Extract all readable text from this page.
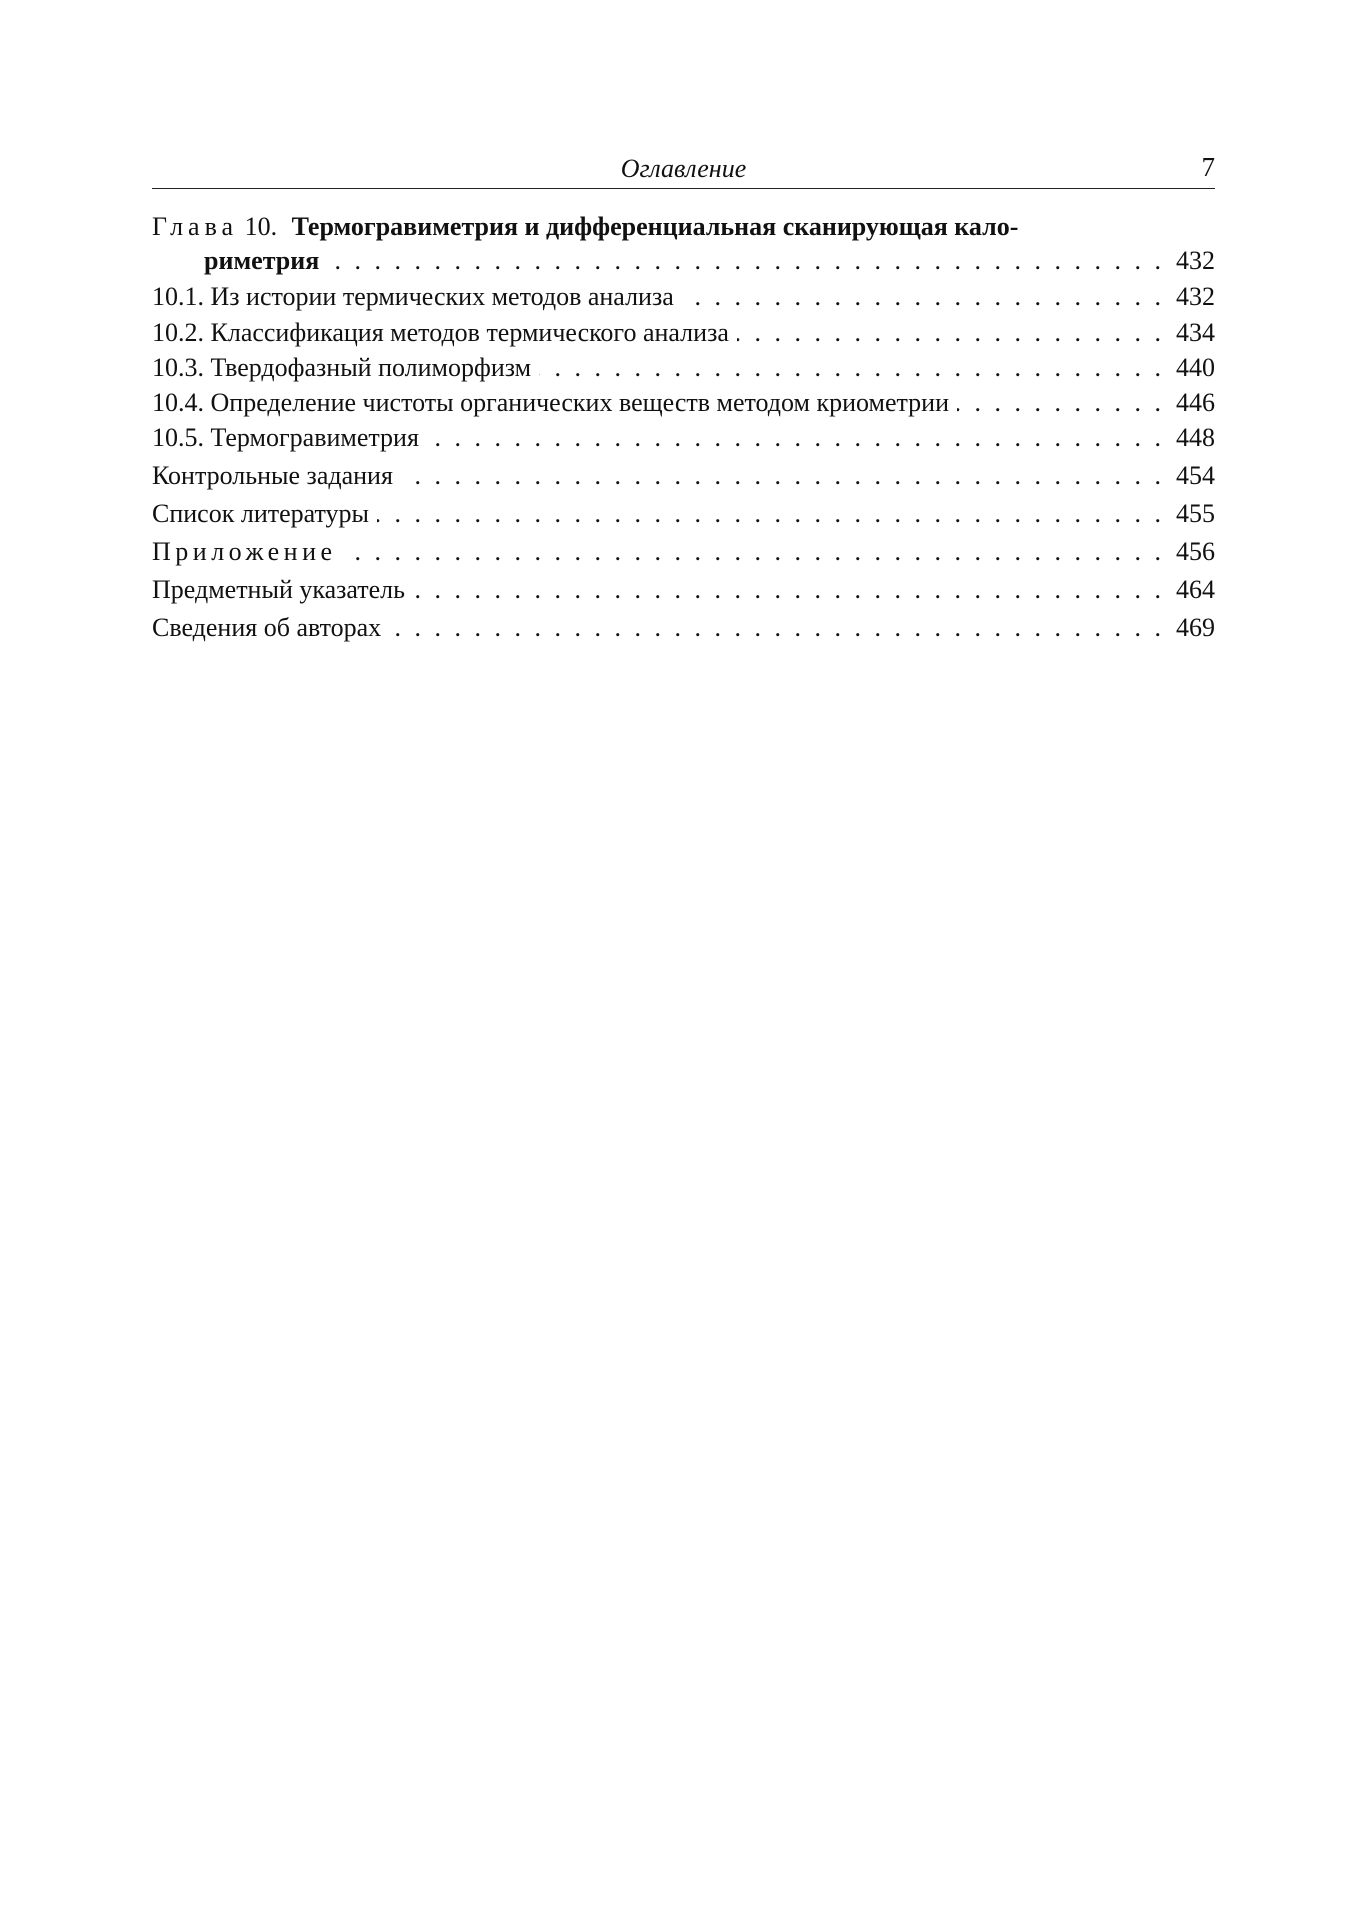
Оглавление	7
Глава 10. Термогравиметрия и дифференциальная сканирующая кало-
риметрия . . .	432
10.1. Из истории термических методов анализа . . .	432
10.2. Классификация методов термического анализа . . .	434
10.3. Твердофазный полиморфизм . . .	440
10.4. Определение чистоты органических веществ методом криометрии . . .	446
10.5. Термогравиметрия . . .	448
Контрольные задания . . .	454
Список литературы . . .	455
Приложение . . .	456
Предметный указатель . . .	464
Сведения об авторах . . .	469
